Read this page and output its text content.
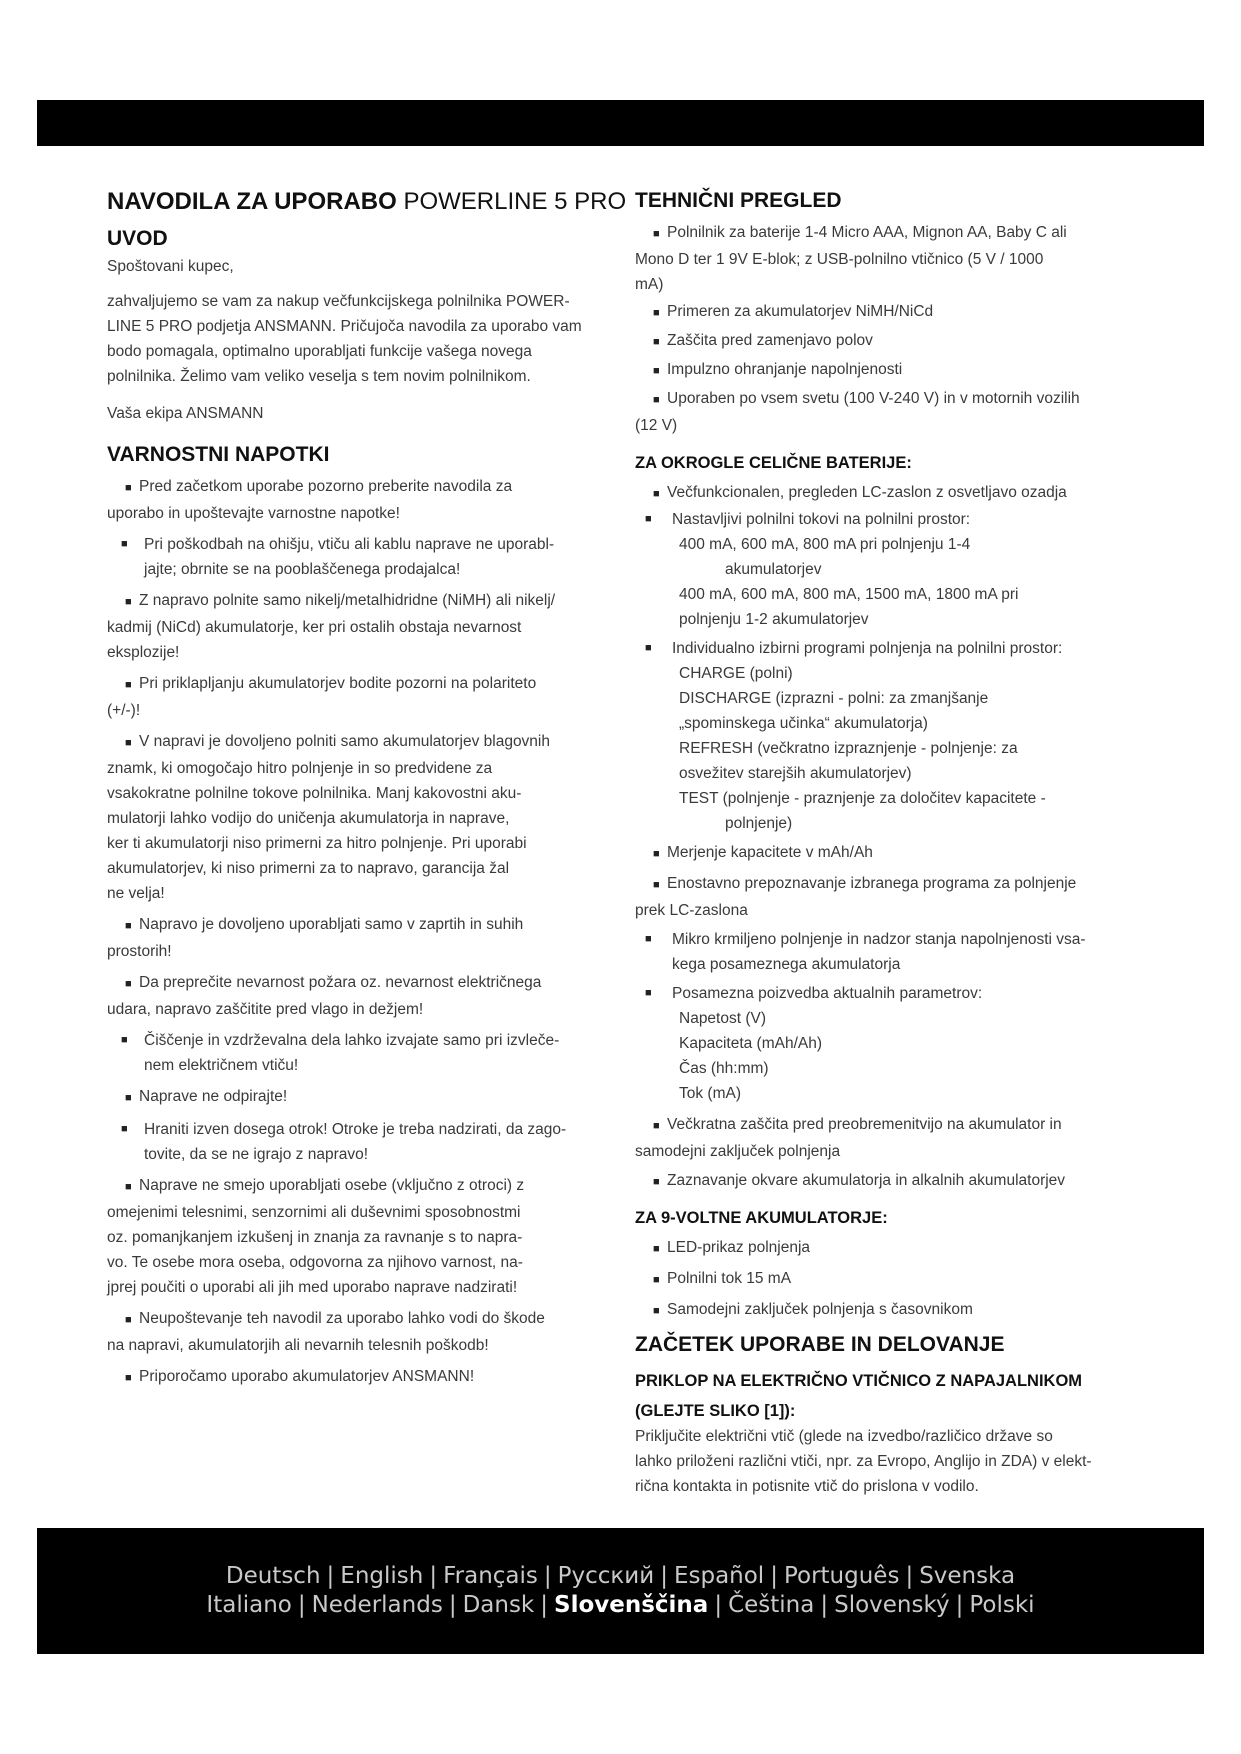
NAVODILA ZA UPORABO POWERLINE 5 PRO
UVOD

Spoštovani kupec,

zahvaljujemo se vam za nakup večfunkcijskega polnilnika POWER-

LINE 5 PRO podjetja ANSMANN. Pričujoča navodila za uporabo vam

bodo pomagala, optimalno uporabljati funkcije vašega novega

polnilnika. Želimo vam veliko veselja s tem novim polnilnikom.

Vaša ekipa ANSMANN

VARNOSTNI NAPOTKI
■ Pred začetkom uporabe pozorno preberite navodila za
uporabo in upoštevajte varnostne napotke!
■	Pri poškodbah na ohišju, vtiču ali kablu naprave ne uporabl-
jajte; obrnite se na pooblaščenega prodajalca!
■ Z napravo polnite samo nikelj/metalhidridne (NiMH) ali nikelj/
kadmij (NiCd) akumulatorje, ker pri ostalih obstaja nevarnost
eksplozije!
■ Pri priklapljanju akumulatorjev bodite pozorni na polariteto
(+/-)!
■ V napravi je dovoljeno polniti samo akumulatorjev blagovnih
znamk, ki omogočajo hitro polnjenje in so predvidene za
vsakokratne polnilne tokove polnilnika. Manj kakovostni aku-
mulatorji lahko vodijo do uničenja akumulatorja in naprave,
ker ti akumulatorji niso primerni za hitro polnjenje. Pri uporabi
akumulatorjev, ki niso primerni za to napravo, garancija žal
ne velja!
■ Napravo je dovoljeno uporabljati samo v zaprtih in suhih
prostorih!
■ Da preprečite nevarnost požara oz. nevarnost električnega
udara, napravo zaščitite pred vlago in dežjem!
■	Čiščenje in vzdrževalna dela lahko izvajate samo pri izvleče-
nem električnem vtiču!
■ Naprave ne odpirajte!
■	Hraniti izven dosega otrok! Otroke je treba nadzirati, da zago-
tovite, da se ne igrajo z napravo!
■ Naprave ne smejo uporabljati osebe (vključno z otroci) z
omejenimi telesnimi, senzornimi ali duševnimi sposobnostmi
oz. pomanjkanjem izkušenj in znanja za ravnanje s to naprа-
vo. Te osebe mora oseba, odgovorna za njihovo varnost, na-
jprej poučiti o uporabi ali jih med uporabo naprave nadzirati!
■ Neupoštevanje teh navodil za uporabo lahko vodi do škode
na napravi, akumulatorjih ali nevarnih telesnih poškodb!
■ Priporočamo uporabo akumulatorjev ANSMANN!
TEHNIČNI PREGLED
■ Polnilnik za baterije 1-4 Micro AAA, Mignon AA, Baby C ali
Mono D ter 1 9V E-blok; z USB-polnilno vtičnico (5 V / 1000
mA)
■ Primeren za akumulatorjev NiMH/NiCd
■ Zaščita pred zamenjavo polov
■ Impulzno ohranjanje napolnjenosti
■ Uporaben po vsem svetu (100 V-240 V) in v motornih vozilih
(12 V)
ZA OKROGLE CELIČNE BATERIJE:
■ Večfunkcionalen, pregleden LC-zaslon z osvetljavo ozadja
■	Nastavljivi polnilni tokovi na polnilni prostor:

400 mA, 600 mA, 800 mA pri polnjenju 1-4

akumulatorjev

400 mA, 600 mA, 800 mA, 1500 mA, 1800 mA pri

polnjenju 1-2 akumulatorjev

■	Individualno izbirni programi polnjenja na polnilni prostor:

CHARGE (polni)

DISCHARGE (izprazni - polni: za zmanjšanje

„spominskega učinka“ akumulatorja)

REFRESH (večkratno izpraznjenje - polnjenje: za

osvežitev starejših akumulatorjev)

TEST (polnjenje - praznjenje za določitev kapacitete -

polnjenje)

■ Merjenje kapacitete v mAh/Ah
■ Enostavno prepoznavanje izbranega programa za polnjenje
prek LC-zaslona
■	Mikro krmiljeno polnjenje in nadzor stanja napolnjenosti vsa-
kega posameznega akumulatorja
■	Posamezna poizvedba aktualnih parametrov:

Napetost (V)

Kapaciteta (mAh/Ah)

Čas (hh:mm)

Tok (mA)

■ Večkratna zaščita pred preobremenitvijo na akumulator in
samodejni zaključek polnjenja
■ Zaznavanje okvare akumulatorja in alkalnih akumulatorjev
ZA 9-VOLTNE AKUMULATORJE:
■ LED-prikaz polnjenja
■ Polnilni tok 15 mA
■ Samodejni zaključek polnjenja s časovnikom
ZAČETEK UPORABE IN DELOVANJE
PRIKLOP NA ELEKTRIČNO VTIČNICO Z NAPAJALNIKOM
(GLEJTE SLIKO [1]):

Priključite električni vtič (glede na izvedbo/različico države so

lahko priloženi različni vtiči, npr. za Evropo, Anglijo in ZDA) v elekt-

rična kontakta in potisnite vtič do prislona v vodilo.

Deutsch | English | Français | Русский | Español | Português | Svenska
Italiano | Nederlands | Dansk | Slovenščina | Čeština | Slovenský | Polski
